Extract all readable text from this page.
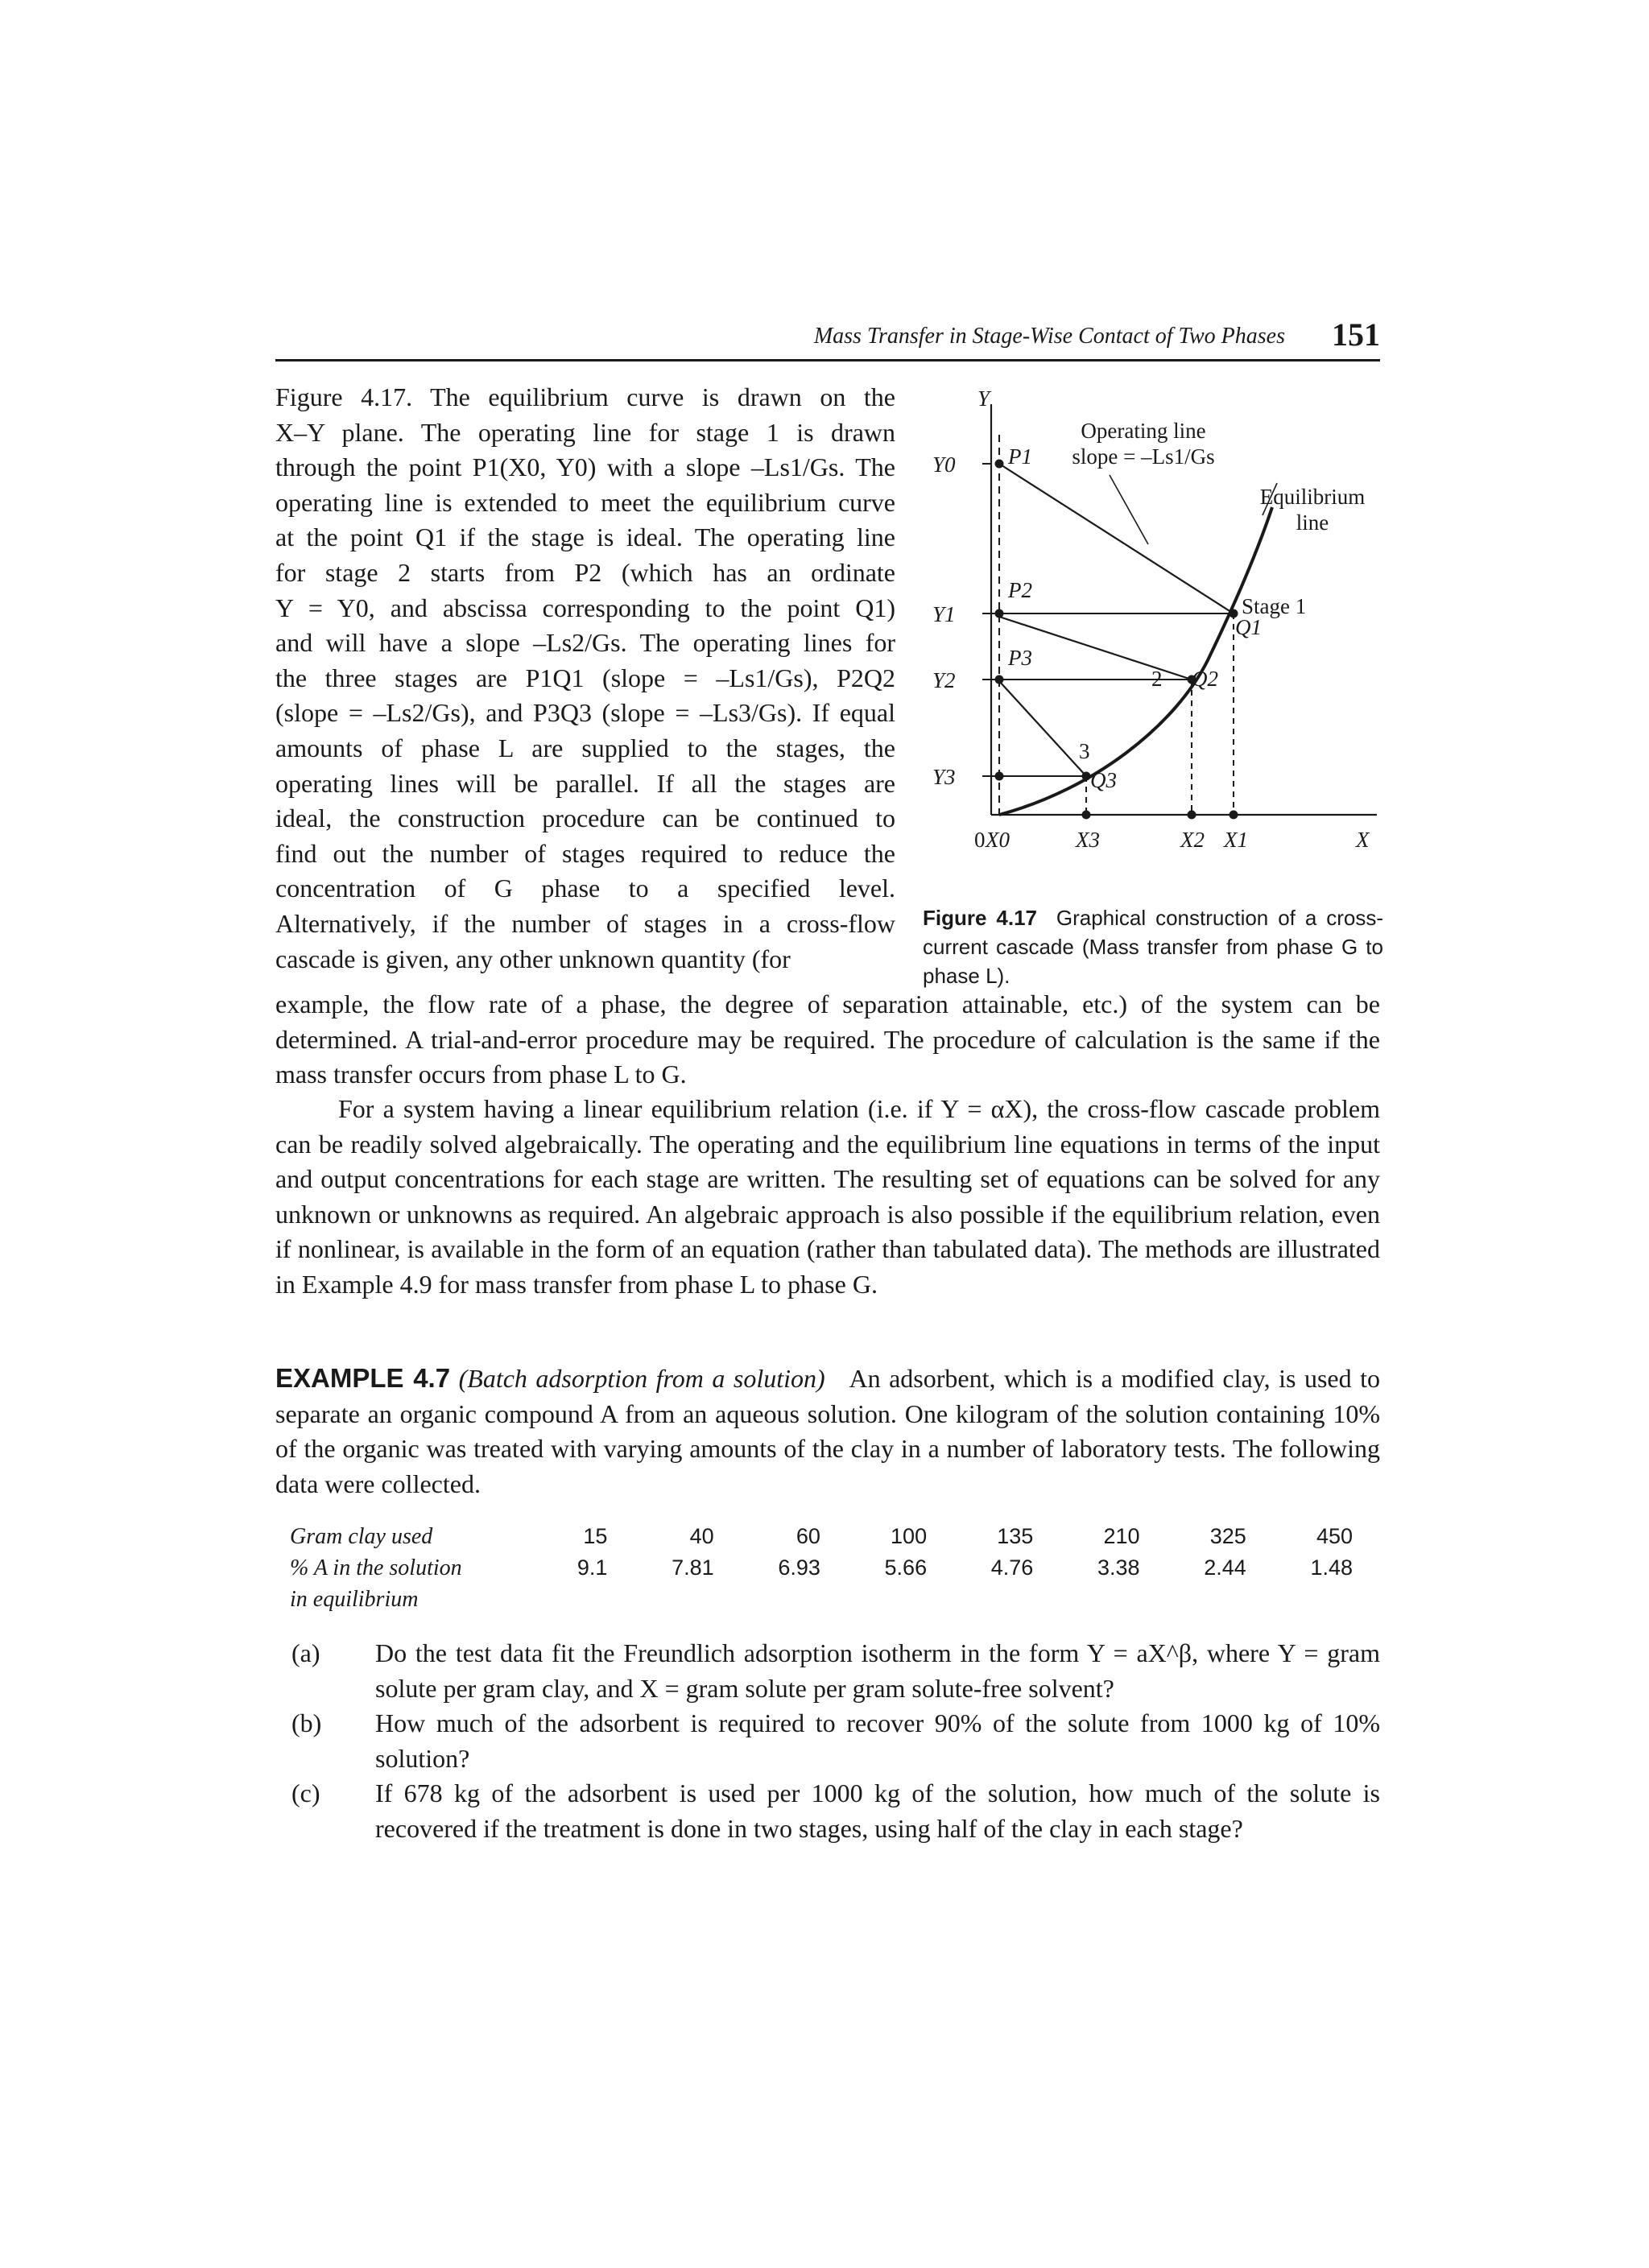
Mass Transfer in Stage-Wise Contact of Two Phases 151
Figure 4.17. The equilibrium curve is drawn on the
X–Y plane. The operating line for stage 1 is drawn
through the point P1(X0, Y0) with a slope –Ls1/Gs. The
operating line is extended to meet the equilibrium curve
at the point Q1 if the stage is ideal. The operating line
for stage 2 starts from P2 (which has an ordinate
Y = Y0, and abscissa corresponding to the point Q1)
and will have a slope –Ls2/Gs. The operating lines for
the three stages are P1Q1 (slope = –Ls1/Gs), P2Q2
(slope = –Ls2/Gs), and P3Q3 (slope = –Ls3/Gs). If equal
amounts of phase L are supplied to the stages, the
operating lines will be parallel. If all the stages are
ideal, the construction procedure can be continued to
find out the number of stages required to reduce the
concentration of G phase to a specified level.
Alternatively, if the number of stages in a cross-flow
cascade is given, any other unknown quantity (for
Y
X
0
Y0
Y1
Y2
Y3
P1
P2
P3
Q1
Q2
Q3
2
3
X0	X3	X2 X1
Operating line
slope = –Ls1/Gs
Equilibrium
line
Stage 1
Figure 4.17 Graphical construction of a cross-current cascade (Mass transfer from phase G to phase L).
example, the flow rate of a phase, the degree of separation attainable, etc.) of the system can be determined. A trial-and-error procedure may be required. The procedure of calculation is the same if the mass transfer occurs from phase L to G.
For a system having a linear equilibrium relation (i.e. if Y = αX), the cross-flow cascade problem can be readily solved algebraically. The operating and the equilibrium line equations in terms of the input and output concentrations for each stage are written. The resulting set of equations can be solved for any unknown or unknowns as required. An algebraic approach is also possible if the equilibrium relation, even if nonlinear, is available in the form of an equation (rather than tabulated data). The methods are illustrated in Example 4.9 for mass transfer from phase L to phase G.
EXAMPLE 4.7 (Batch adsorption from a solution) An adsorbent, which is a modified clay, is used to separate an organic compound A from an aqueous solution. One kilogram of the solution containing 10% of the organic was treated with varying amounts of the clay in a number of laboratory tests. The following data were collected.
Gram clay used	15	40	60	100	135	210	325	450
% A in the solution	9.1	7.81	6.93	5.66	4.76	3.38	2.44	1.48
in equilibrium								
(a)	Do the test data fit the Freundlich adsorption isotherm in the form Y = aX^β, where Y = gram solute per gram clay, and X = gram solute per gram solute-free solvent?
(b)	How much of the adsorbent is required to recover 90% of the solute from 1000 kg of 10% solution?
(c)	If 678 kg of the adsorbent is used per 1000 kg of the solution, how much of the solute is recovered if the treatment is done in two stages, using half of the clay in each stage?
